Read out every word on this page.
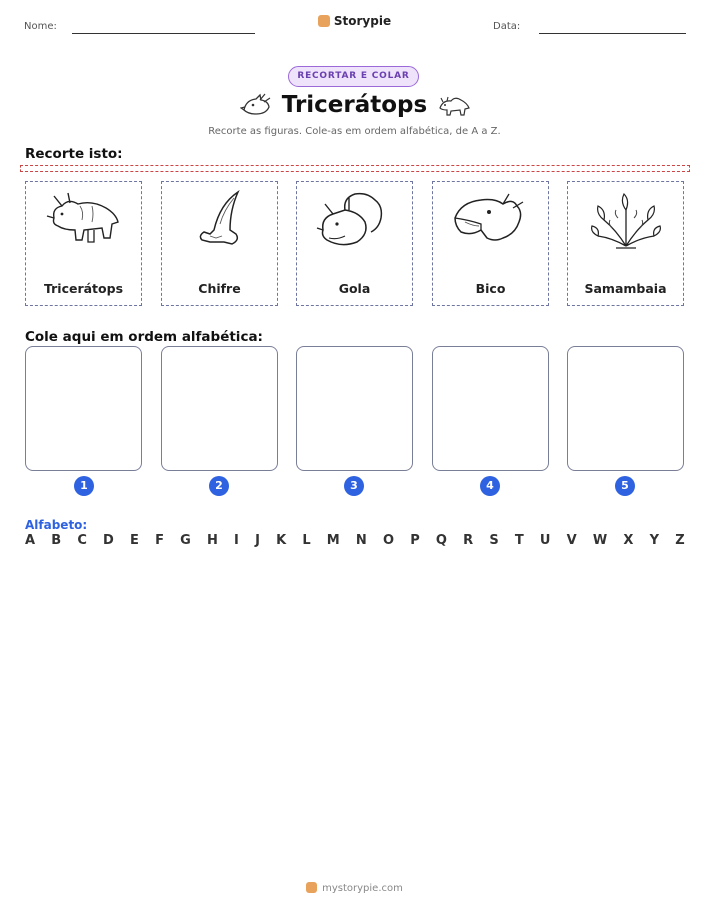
Nome:	Storypie	Data:
RECORTAR E COLAR
Tricerátops
Recorte as figuras. Cole-as em ordem alfabética, de A a Z.
Recorte isto:
Tricerátops	Chifre	Gola	Bico	Samambaia
Cole aqui em ordem alfabética:
1	2	3	4	5
Alfabeto:
A B C D E F G H I J K L M N O P Q R S T U V W X Y Z
mystorypie.com
